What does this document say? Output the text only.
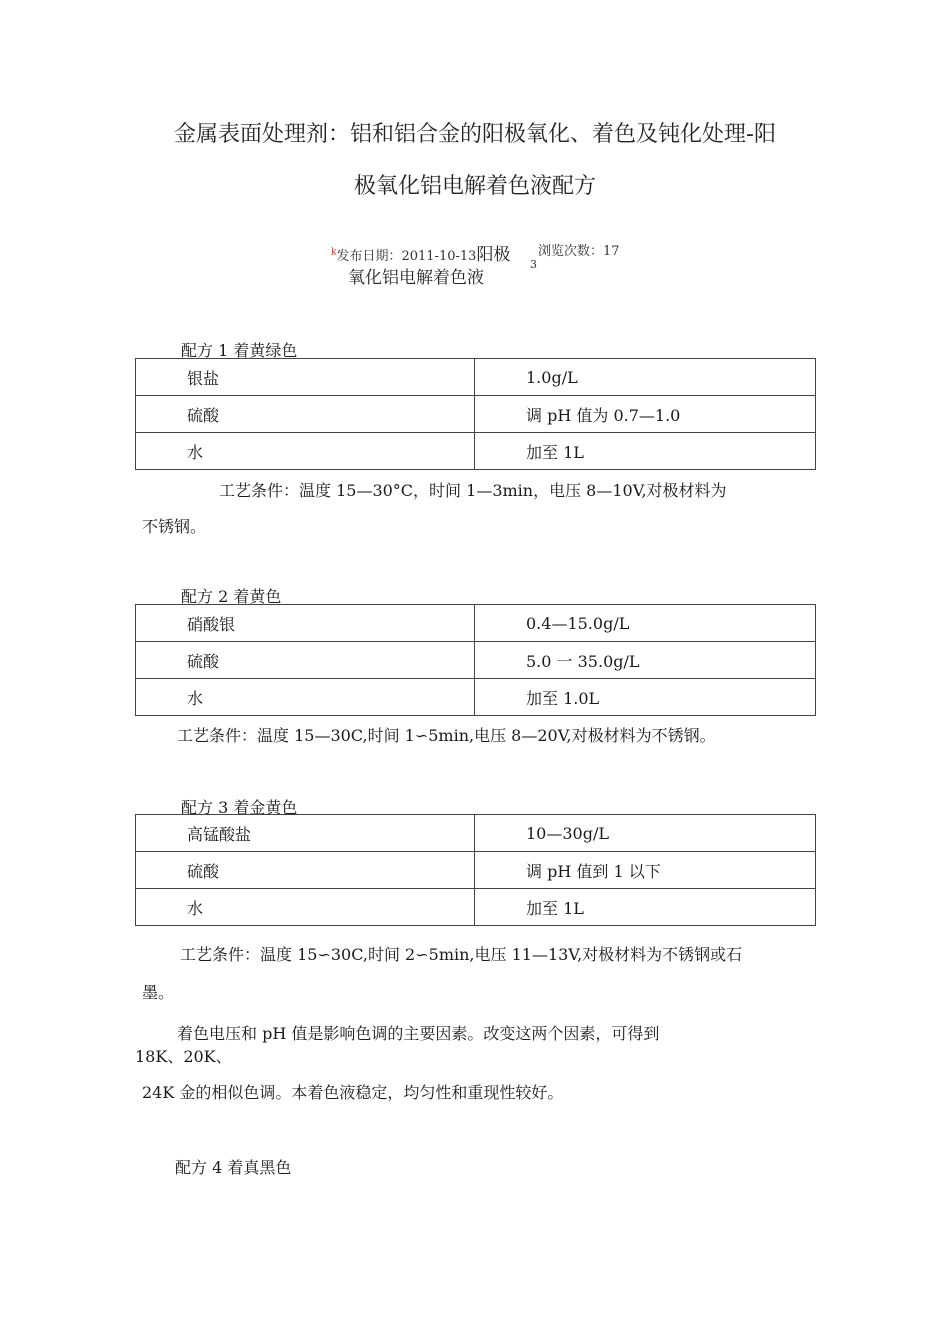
金属表面处理剂：铝和铝合金的阳极氧化、着色及钝化处理-阳
极氧化铝电解着色液配方
$^k$发布日期：2011-10-13阳极 浏览次数：17
氧化铝电解着色液
3
配方 1 着黄绿色
银盐	1.0g/L
硫酸	调 pH 值为 0.7—1.0
水	加至 1L
工艺条件：温度 15—30°C，时间 1—3min，电压 8—10V,对极材料为
不锈钢。
配方 2 着黄色
硝酸银	0.4—15.0g/L
硫酸	5.0 一 35.0g/L
水	加至 1.0L
工艺条件：温度 15—30C,时间 1∽5min,电压 8—20V,对极材料为不锈钢。
配方 3 着金黄色
高锰酸盐	10—30g/L
硫酸	调 pH 值到 1 以下
水	加至 1L
工艺条件：温度 15∽30C,时间 2∽5min,电压 11—13V,对极材料为不锈钢或石
墨。
着色电压和 pH 值是影响色调的主要因素。改变这两个因素，可得到
18K、20K、
24K 金的相似色调。本着色液稳定，均匀性和重现性较好。
配方 4 着真黑色
